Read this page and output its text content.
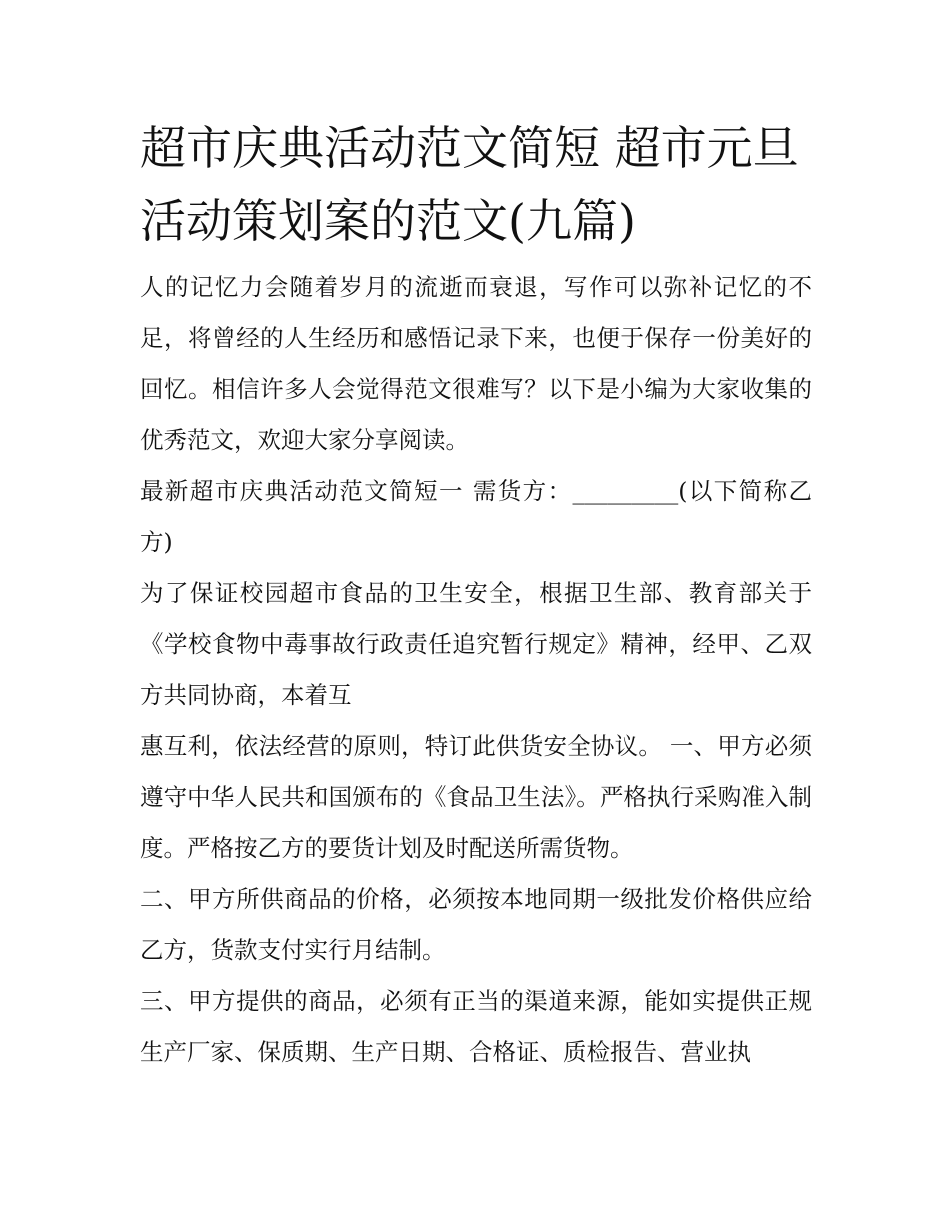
超市庆典活动范文简短 超市元旦活动策划案的范文(九篇)

人的记忆力会随着岁月的流逝而衰退，写作可以弥补记忆的不足，将曾经的人生经历和感悟记录下来，也便于保存一份美好的回忆。相信许多人会觉得范文很难写？以下是小编为大家收集的优秀范文，欢迎大家分享阅读。

最新超市庆典活动范文简短一 需货方：_________(以下简称乙方)

为了保证校园超市食品的卫生安全，根据卫生部、教育部关于《学校食物中毒事故行政责任追究暂行规定》精神，经甲、乙双方共同协商，本着互

惠互利，依法经营的原则，特订此供货安全协议。 一、甲方必须遵守中华人民共和国颁布的《食品卫生法》。严格执行采购准入制度。严格按乙方的要货计划及时配送所需货物。

二、甲方所供商品的价格，必须按本地同期一级批发价格供应给乙方，货款支付实行月结制。

三、甲方提供的商品，必须有正当的渠道来源，能如实提供正规生产厂家、保质期、生产日期、合格证、质检报告、营业执
